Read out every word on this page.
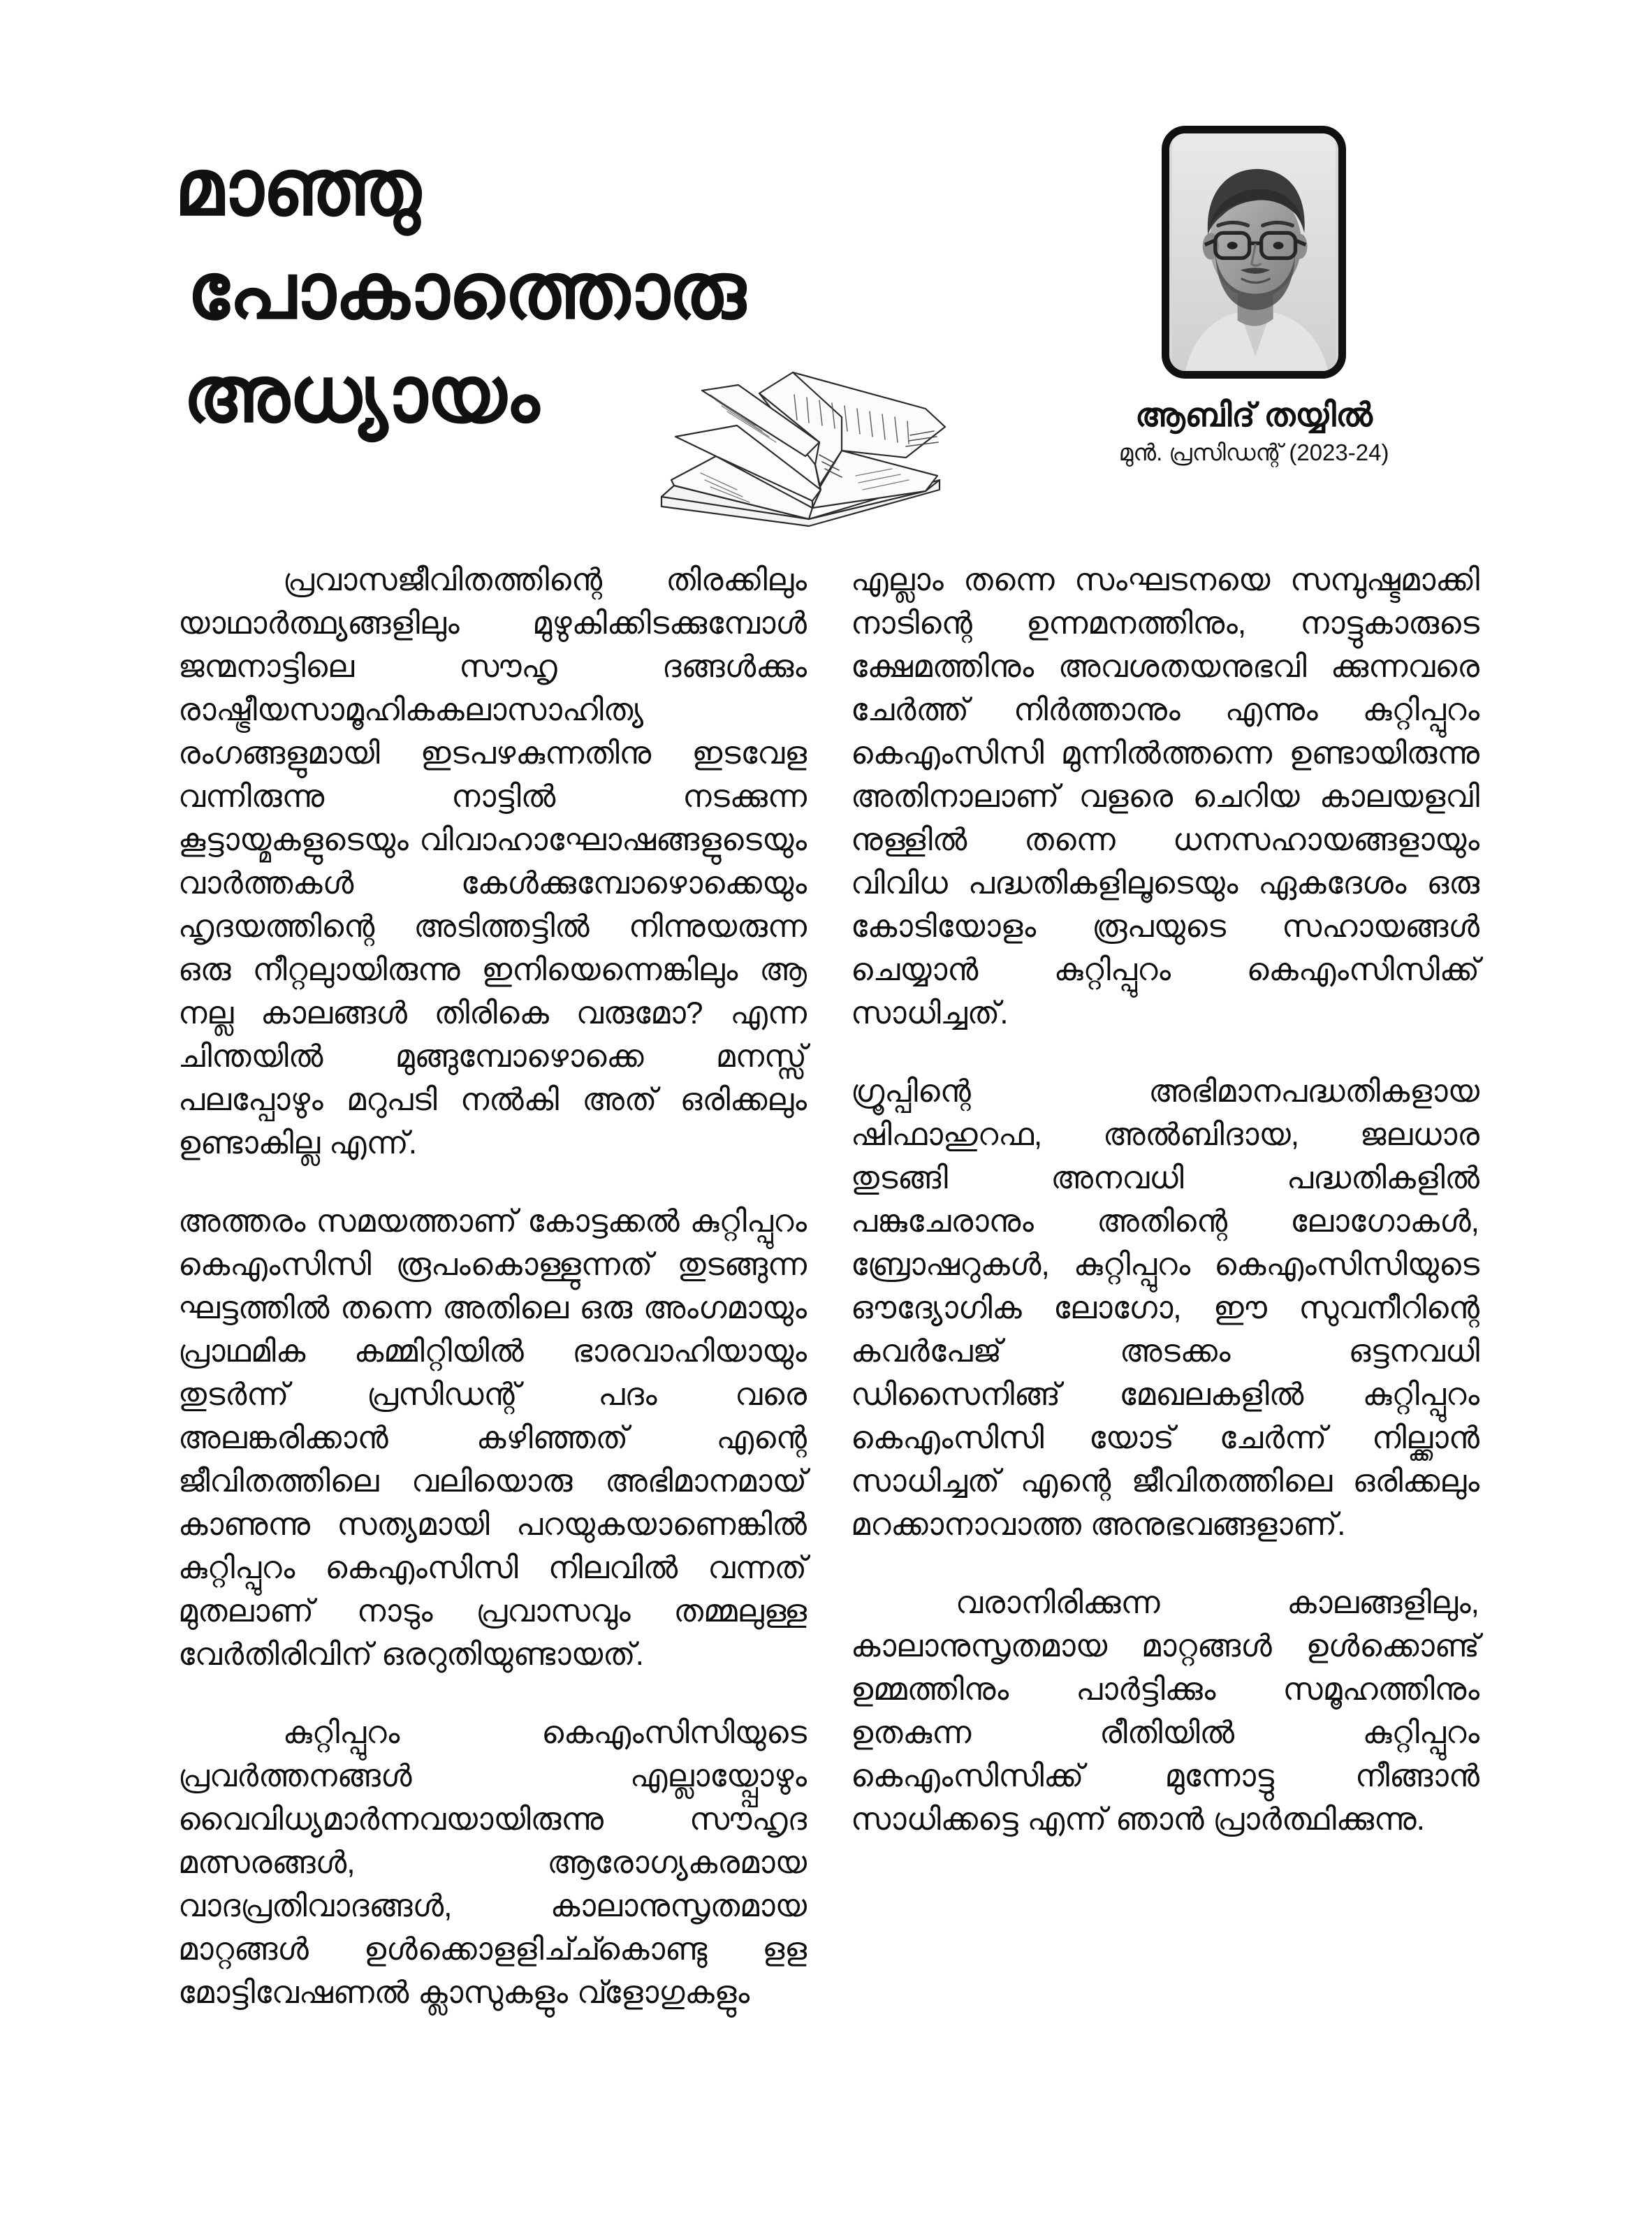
മാഞ്ഞു
പോകാത്തൊരു
അധ്യായം	ആബിദ് തയ്യിൽ
മുൻ. പ്രസിഡന്റ് (2023-24)

പ്രവാസജീവിതത്തിന്റെ തിരക്കിലും യാഥാർത്ഥ്യങ്ങളിലും മുഴുകിക്കിടക്കുമ്പോൾ ജന്മനാട്ടിലെ സൗഹൃ ദങ്ങൾക്കും രാഷ്ട്രീയസാമൂഹികകലാസാഹിത്യ രംഗങ്ങളുമായി ഇടപഴകുന്നതിനു ഇടവേള വന്നിരുന്നു നാട്ടിൽ നടക്കുന്ന കൂട്ടായ്മകളുടെയും വിവാഹാഘോഷങ്ങളുടെയും വാർത്തകൾ കേൾക്കുമ്പോഴൊക്കെയും ഹൃദയത്തിന്റെ അടിത്തട്ടിൽ നിന്നുയരുന്ന ഒരു നീറ്റലുായിരുന്നു ഇനിയെന്നെങ്കിലും ആ നല്ല കാലങ്ങൾ തിരികെ വരുമോ? എന്ന ചിന്തയിൽ മുങ്ങുമ്പോഴൊക്കെ മനസ്സ് പലപ്പോഴും മറുപടി നൽകി അത് ഒരിക്കലും ഉണ്ടാകില്ല എന്ന്.

അത്തരം സമയത്താണ് കോട്ടക്കൽ കുറ്റിപ്പുറം കെഎംസിസി രൂപംകൊള്ളുന്നത് തുടങ്ങുന്ന ഘട്ടത്തിൽ തന്നെ അതിലെ ഒരു അംഗമായും പ്രാഥമിക കമ്മിറ്റിയിൽ ഭാരവാഹിയായും തുടർന്ന് പ്രസിഡന്റ് പദം വരെ അലങ്കരിക്കാൻ കഴിഞ്ഞത് എന്റെ ജീവിതത്തിലെ വലിയൊരു അഭിമാനമായ് കാണുന്നു സത്യമായി പറയുകയാണെങ്കിൽ കുറ്റിപ്പുറം കെഎംസിസി നിലവിൽ വന്നത് മുതലാണ് നാടും പ്രവാസവും തമ്മലുള്ള വേർതിരിവിന് ഒരറുതിയുണ്ടായത്.

കുറ്റിപ്പുറം കെഎംസിസിയുടെ പ്രവർത്തനങ്ങൾ എല്ലായ്പ്പോഴും വൈവിധ്യമാർന്നവയായിരുന്നു സൗഹൃദ മത്സരങ്ങൾ, ആരോഗ്യകരമായ വാദപ്രതിവാദങ്ങൾ, കാലാനുസൃതമായ മാറ്റങ്ങൾ ഉൾക്കൊളളിച്ച്കൊണ്ടു ളള മോട്ടിവേഷണൽ ക്ലാസുകളും വ്ളോഗുകളും

എല്ലാം തന്നെ സംഘടനയെ സമ്പുഷ്ടമാക്കി നാടിന്റെ ഉന്നമനത്തിനും, നാട്ടുകാരുടെ ക്ഷേമത്തിനും അവശതയനുഭവി ക്കുന്നവരെ ചേർത്ത് നിർത്താനും എന്നും കുറ്റിപ്പുറം കെഎംസിസി മുന്നിൽത്തന്നെ ഉണ്ടായിരുന്നു അതിനാലാണ് വളരെ ചെറിയ കാലയളവി നുള്ളിൽ തന്നെ ധനസഹായങ്ങളായും വിവിധ പദ്ധതികളിലൂടെയും ഏകദേശം ഒരു കോടിയോളം രൂപയുടെ സഹായങ്ങൾ ചെയ്യാൻ കുറ്റിപ്പുറം കെഎംസിസിക്ക് സാധിച്ചത്.

ഗ്രൂപ്പിന്റെ അഭിമാനപദ്ധതികളായ ഷിഫാഹുറഫ, അൽബിദായ, ജലധാര തുടങ്ങി അനവധി പദ്ധതികളിൽ പങ്കുചേരാനും അതിന്റെ ലോഗോകൾ, ബ്രോഷറുകൾ, കുറ്റിപ്പുറം കെഎംസിസിയുടെ ഔദ്യോഗിക ലോഗോ, ഈ സുവനീറിന്റെ കവർപേജ് അടക്കം ഒട്ടനവധി ഡിസൈനിങ്ങ് മേഖലകളിൽ കുറ്റിപ്പുറം കെഎംസിസി യോട് ചേർന്ന് നില്ക്കാൻ സാധിച്ചത് എന്റെ ജീവിതത്തിലെ ഒരിക്കലും മറക്കാനാവാത്ത അനുഭവങ്ങളാണ്.

വരാനിരിക്കുന്ന കാലങ്ങളിലും, കാലാനുസൃതമായ മാറ്റങ്ങൾ ഉൾക്കൊണ്ട് ഉമ്മത്തിനും പാർട്ടിക്കും സമൂഹത്തിനും ഉതകുന്ന രീതിയിൽ കുറ്റിപ്പുറം കെഎംസിസിക്ക് മുന്നോട്ടു നീങ്ങാൻ സാധിക്കട്ടെ എന്ന് ഞാൻ പ്രാർത്ഥിക്കുന്നു.
